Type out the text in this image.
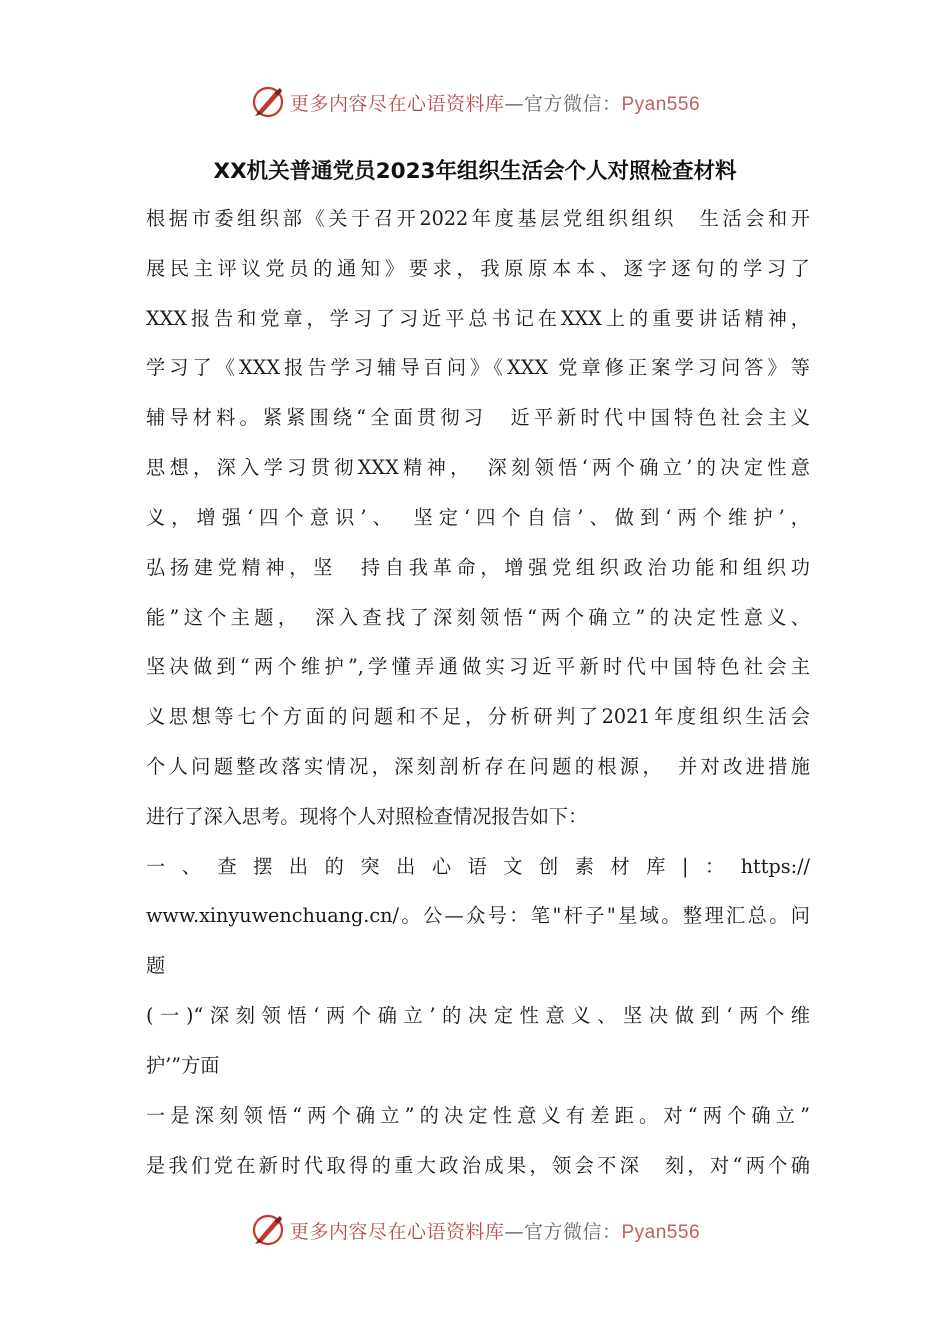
更多内容尽在心语资料库—官方微信：Pyan556
XX机关普通党员2023年组织生活会个人对照检查材料
根据市委组织部《关于召开2022年度基层党组织组织　生活会和开
展民主评议党员的通知》要求，我原原本本、逐字逐句的学习了
XXX报告和党章，学习了习近平总书记在XXX上的重要讲话精神，
学习了《XXX报告学习辅导百问》《XXX 党章修正案学习问答》等
辅导材料。紧紧围绕“全面贯彻习　近平新时代中国特色社会主义
思想，深入学习贯彻XXX精神，　深刻领悟‘两个确立’的决定性意
义，增强‘四个意识’、　坚定‘四个自信’、做到‘两个维护’，
弘扬建党精神，坚　持自我革命，增强党组织政治功能和组织功
能”这个主题，　深入查找了深刻领悟“两个确立”的决定性意义、
坚决做到“两个维护”,学懂弄通做实习近平新时代中国特色社会主
义思想等七个方面的问题和不足，分析研判了2021年度组织生活会
个人问题整改落实情况，深刻剖析存在问题的根源，　并对改进措施
进行了深入思考。现将个人对照检查情况报告如下：
一、查摆出的突出心语文创素材库|：https://
www.xinyuwenchuang.cn/。公—众号：笔"杆子"星域。整理汇总。问
题
(一)“深刻领悟‘两个确立’的决定性意义、坚决做到‘两个维
护’”方面
一是深刻领悟“两个确立”的决定性意义有差距。对“两个确立”
是我们党在新时代取得的重大政治成果，领会不深　刻，对“两个确
更多内容尽在心语资料库—官方微信：Pyan556
